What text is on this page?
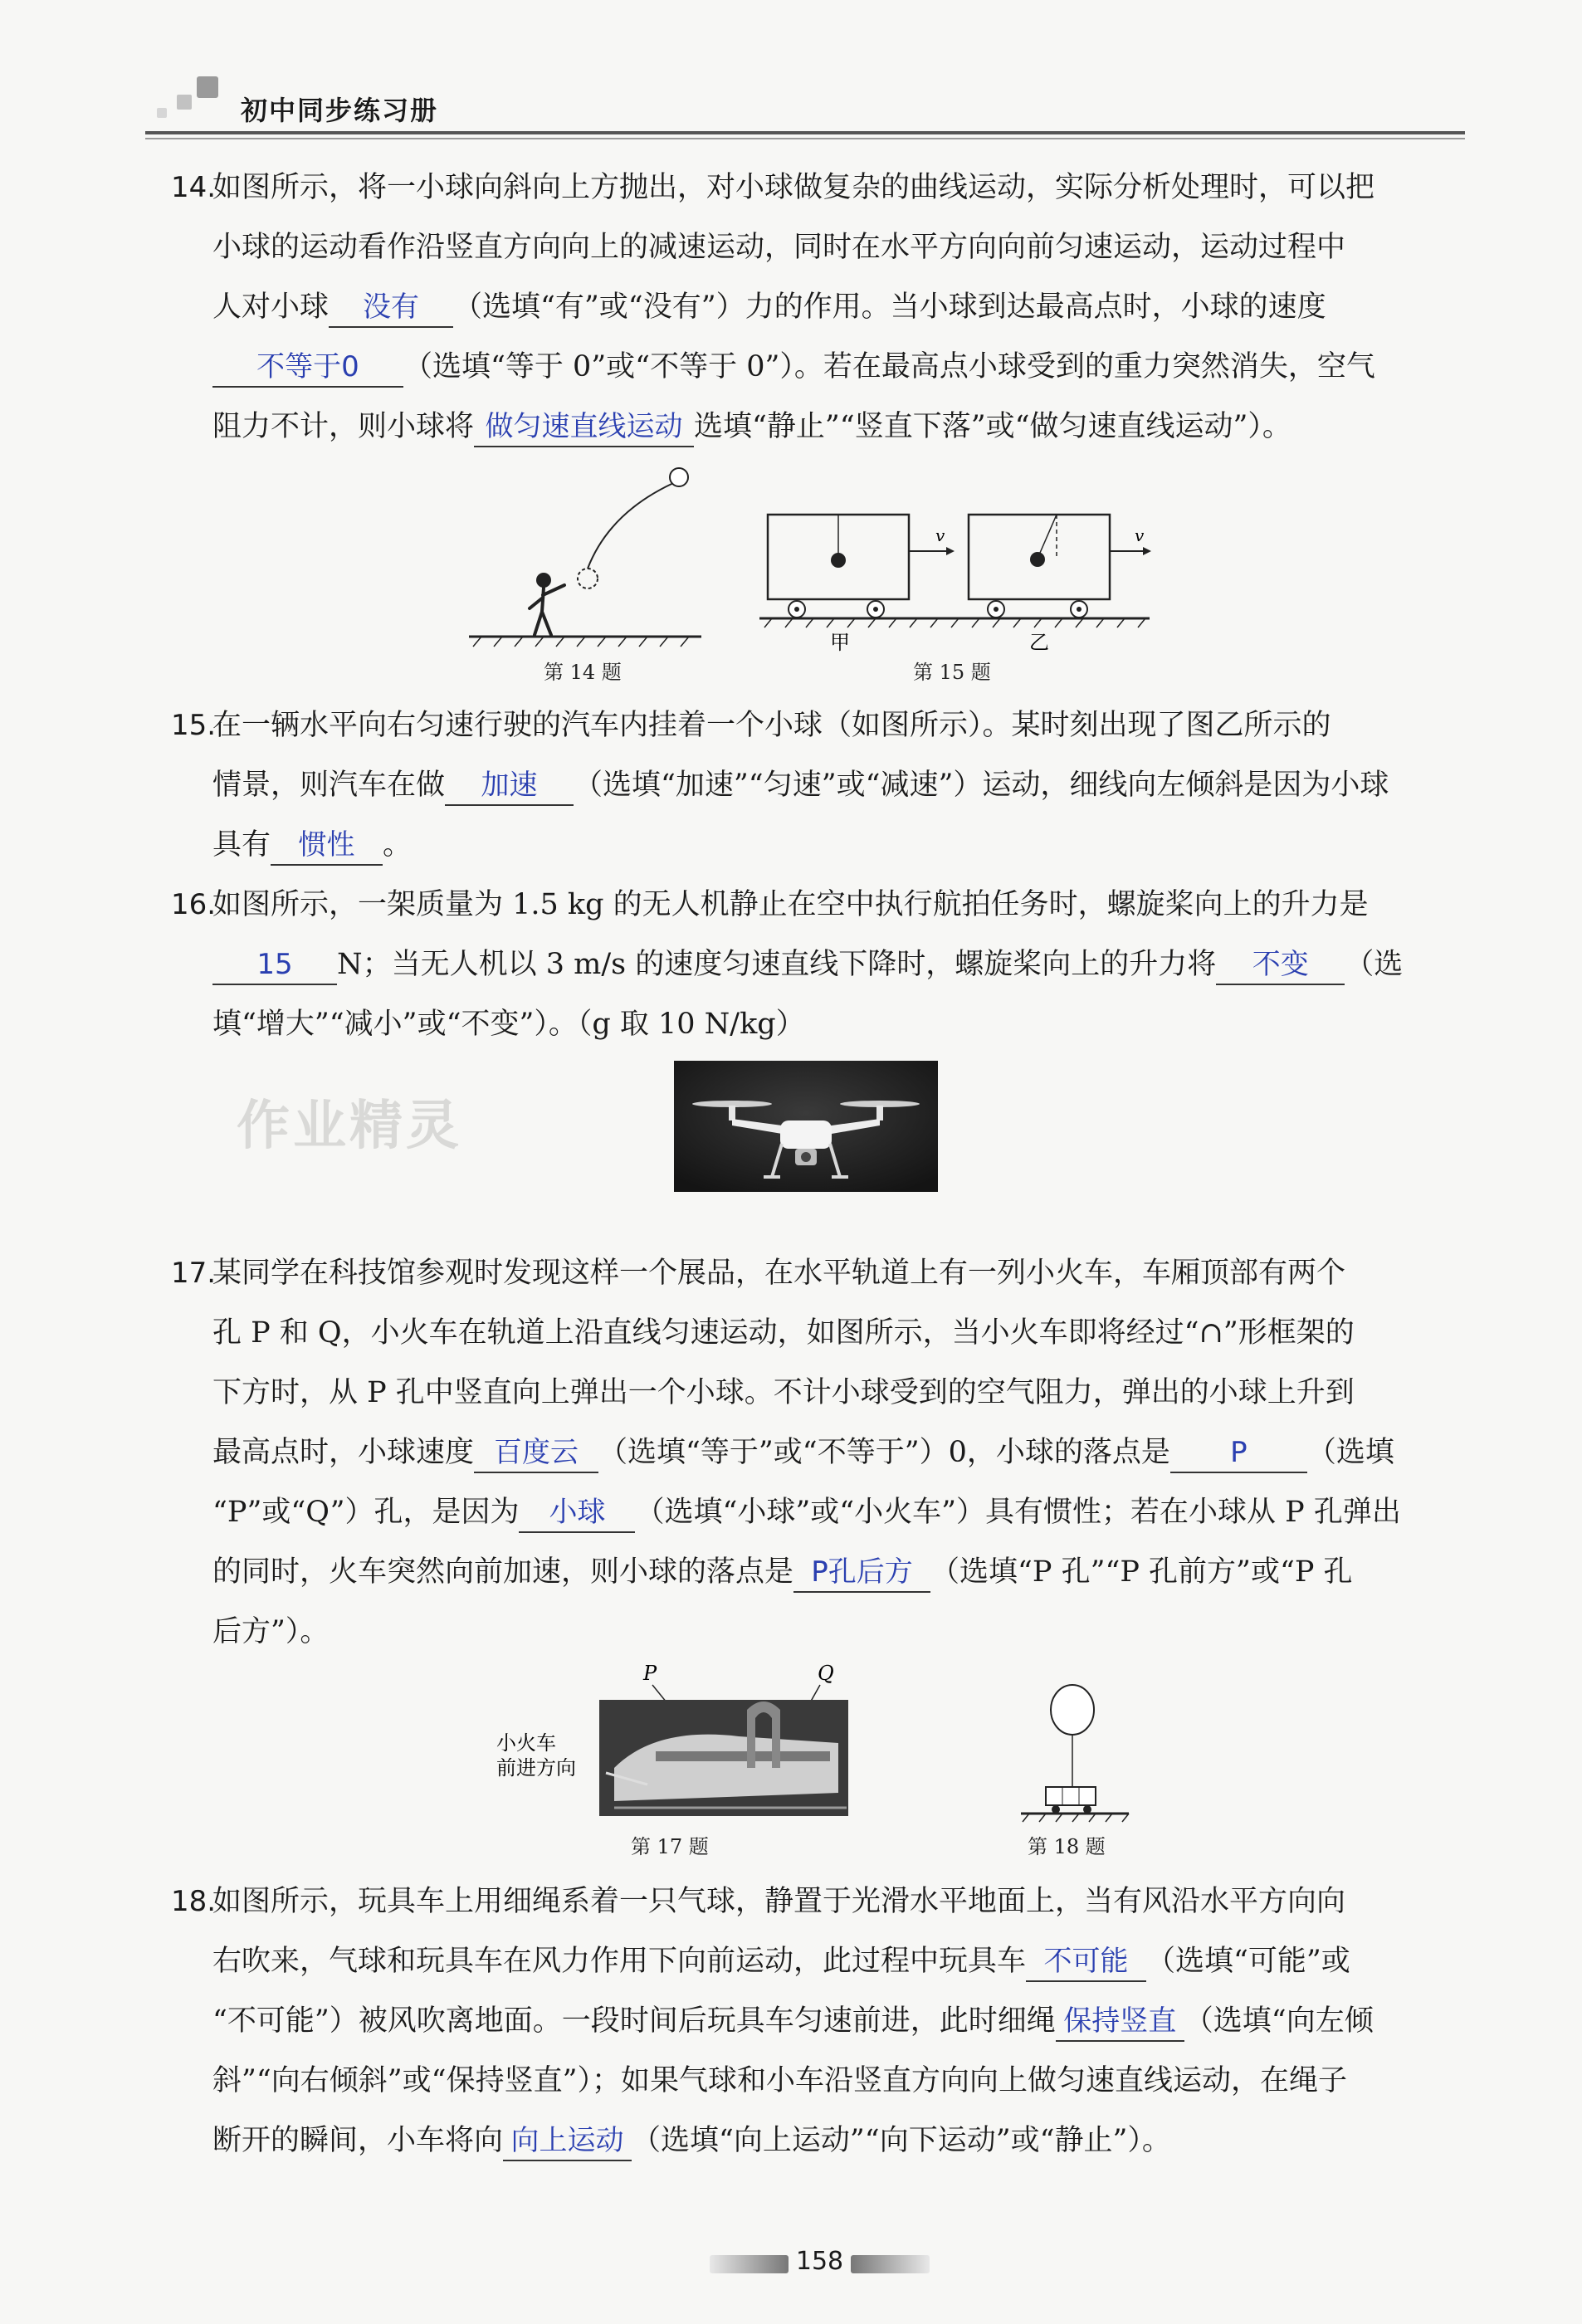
初中同步练习册
14.
如图所示，将一小球向斜向上方抛出，对小球做复杂的曲线运动，实际分析处理时，可以把
小球的运动看作沿竖直方向向上的减速运动，同时在水平方向向前匀速运动，运动过程中
人对小球 没有 （选填“有”或“没有”）力的作用。当小球到达最高点时，小球的速度
不等于0 （选填“等于 0”或“不等于 0”）。若在最高点小球受到的重力突然消失，空气
阻力不计，则小球将 做匀速直线运动 选填“静止”“竖直下落”或“做匀速直线运动”）。
第 14 题
v	v
甲	乙
第 15 题
15.
在一辆水平向右匀速行驶的汽车内挂着一个小球（如图所示）。某时刻出现了图乙所示的
情景，则汽车在做 加速 （选填“加速”“匀速”或“减速”）运动，细线向左倾斜是因为小球
具有 惯性 。
16.
如图所示，一架质量为 1.5 kg 的无人机静止在空中执行航拍任务时，螺旋桨向上的升力是
15 N；当无人机以 3 m/s 的速度匀速直线下降时，螺旋桨向上的升力将 不变 （选
填“增大”“减小”或“不变”）。（g 取 10 N/kg）
作业精灵
17.
某同学在科技馆参观时发现这样一个展品，在水平轨道上有一列小火车，车厢顶部有两个
孔 P 和 Q，小火车在轨道上沿直线匀速运动，如图所示，当小火车即将经过“∩”形框架的
下方时，从 P 孔中竖直向上弹出一个小球。不计小球受到的空气阻力，弹出的小球上升到
最高点时，小球速度 百度云 （选填“等于”或“不等于”）0，小球的落点是 P （选填
“P”或“Q”）孔，是因为 小球 （选填“小球”或“小火车”）具有惯性；若在小球从 P 孔弹出
的同时，火车突然向前加速，则小球的落点是 P孔后方 （选填“P 孔”“P 孔前方”或“P 孔
后方”）。
P	Q
小火车
前进方向
第 17 题	第 18 题
18.
如图所示，玩具车上用细绳系着一只气球，静置于光滑水平地面上，当有风沿水平方向向
右吹来，气球和玩具车在风力作用下向前运动，此过程中玩具车 不可能 （选填“可能”或
“不可能”）被风吹离地面。一段时间后玩具车匀速前进，此时细绳 保持竖直 （选填“向左倾
斜”“向右倾斜”或“保持竖直”）；如果气球和小车沿竖直方向向上做匀速直线运动，在绳子
断开的瞬间，小车将向 向上运动 （选填“向上运动”“向下运动”或“静止”）。
158
